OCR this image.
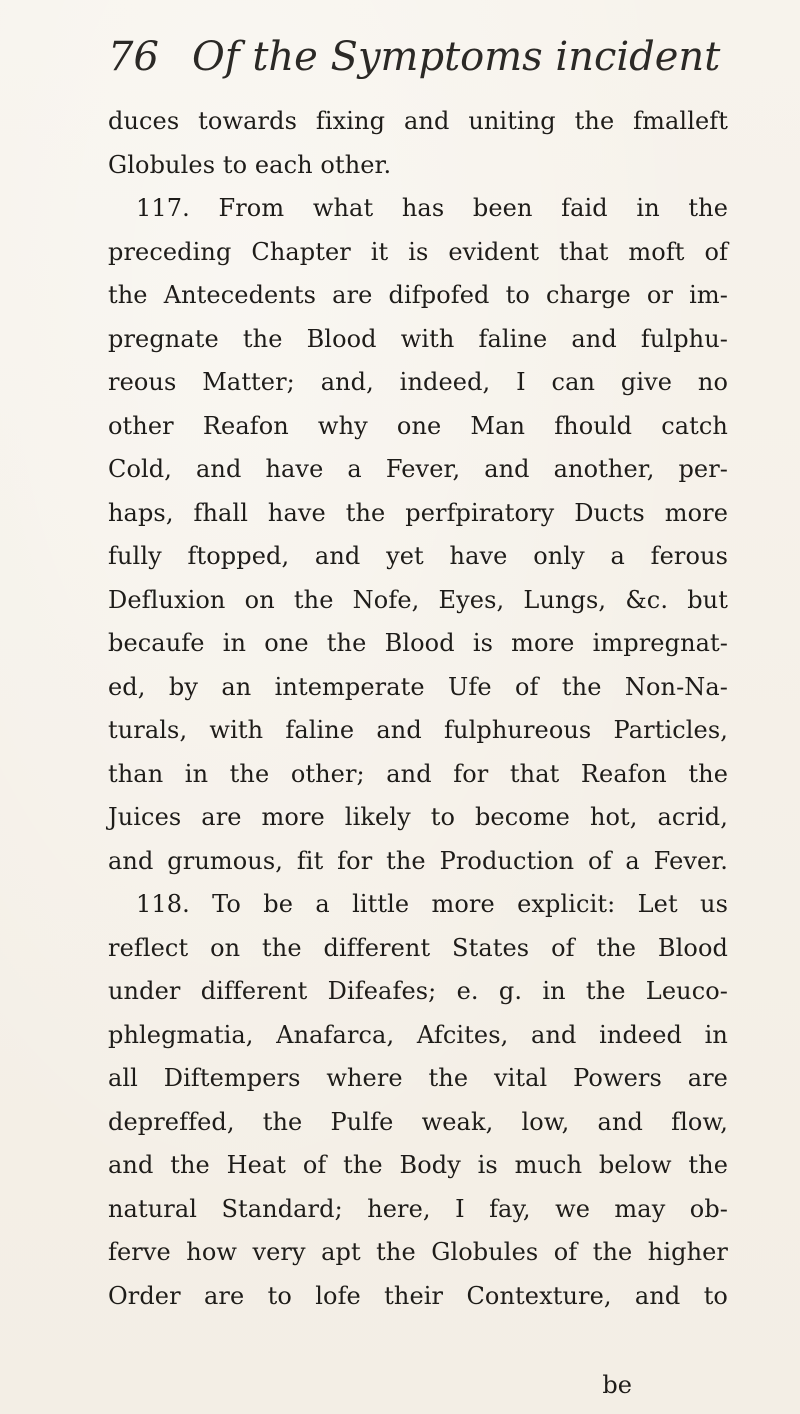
76 Of the Symptoms incident
duces towards fixing and uniting the fmalleft
Globules to each other.
117. From what has been faid in the
preceding Chapter it is evident that moft of
the Antecedents are difpofed to charge or im-
pregnate the Blood with faline and fulphu-
reous Matter; and, indeed, I can give no
other Reafon why one Man fhould catch
Cold, and have a Fever, and another, per-
haps, fhall have the perfpiratory Ducts more
fully ftopped, and yet have only a ferous
Defluxion on the Nofe, Eyes, Lungs, &c. but
becaufe in one the Blood is more impregnat-
ed, by an intemperate Ufe of the Non-Na-
turals, with faline and fulphureous Particles,
than in the other; and for that Reafon the
Juices are more likely to become hot, acrid,
and grumous, fit for the Production of a Fever.
118. To be a little more explicit: Let us
reflect on the different States of the Blood
under different Difeafes; e. g. in the Leuco-
phlegmatia, Anafarca, Afcites, and indeed in
all Diftempers where the vital Powers are
depreffed, the Pulfe weak, low, and flow,
and the Heat of the Body is much below the
natural Standard; here, I fay, we may ob-
ferve how very apt the Globules of the higher
Order are to lofe their Contexture, and to
be
